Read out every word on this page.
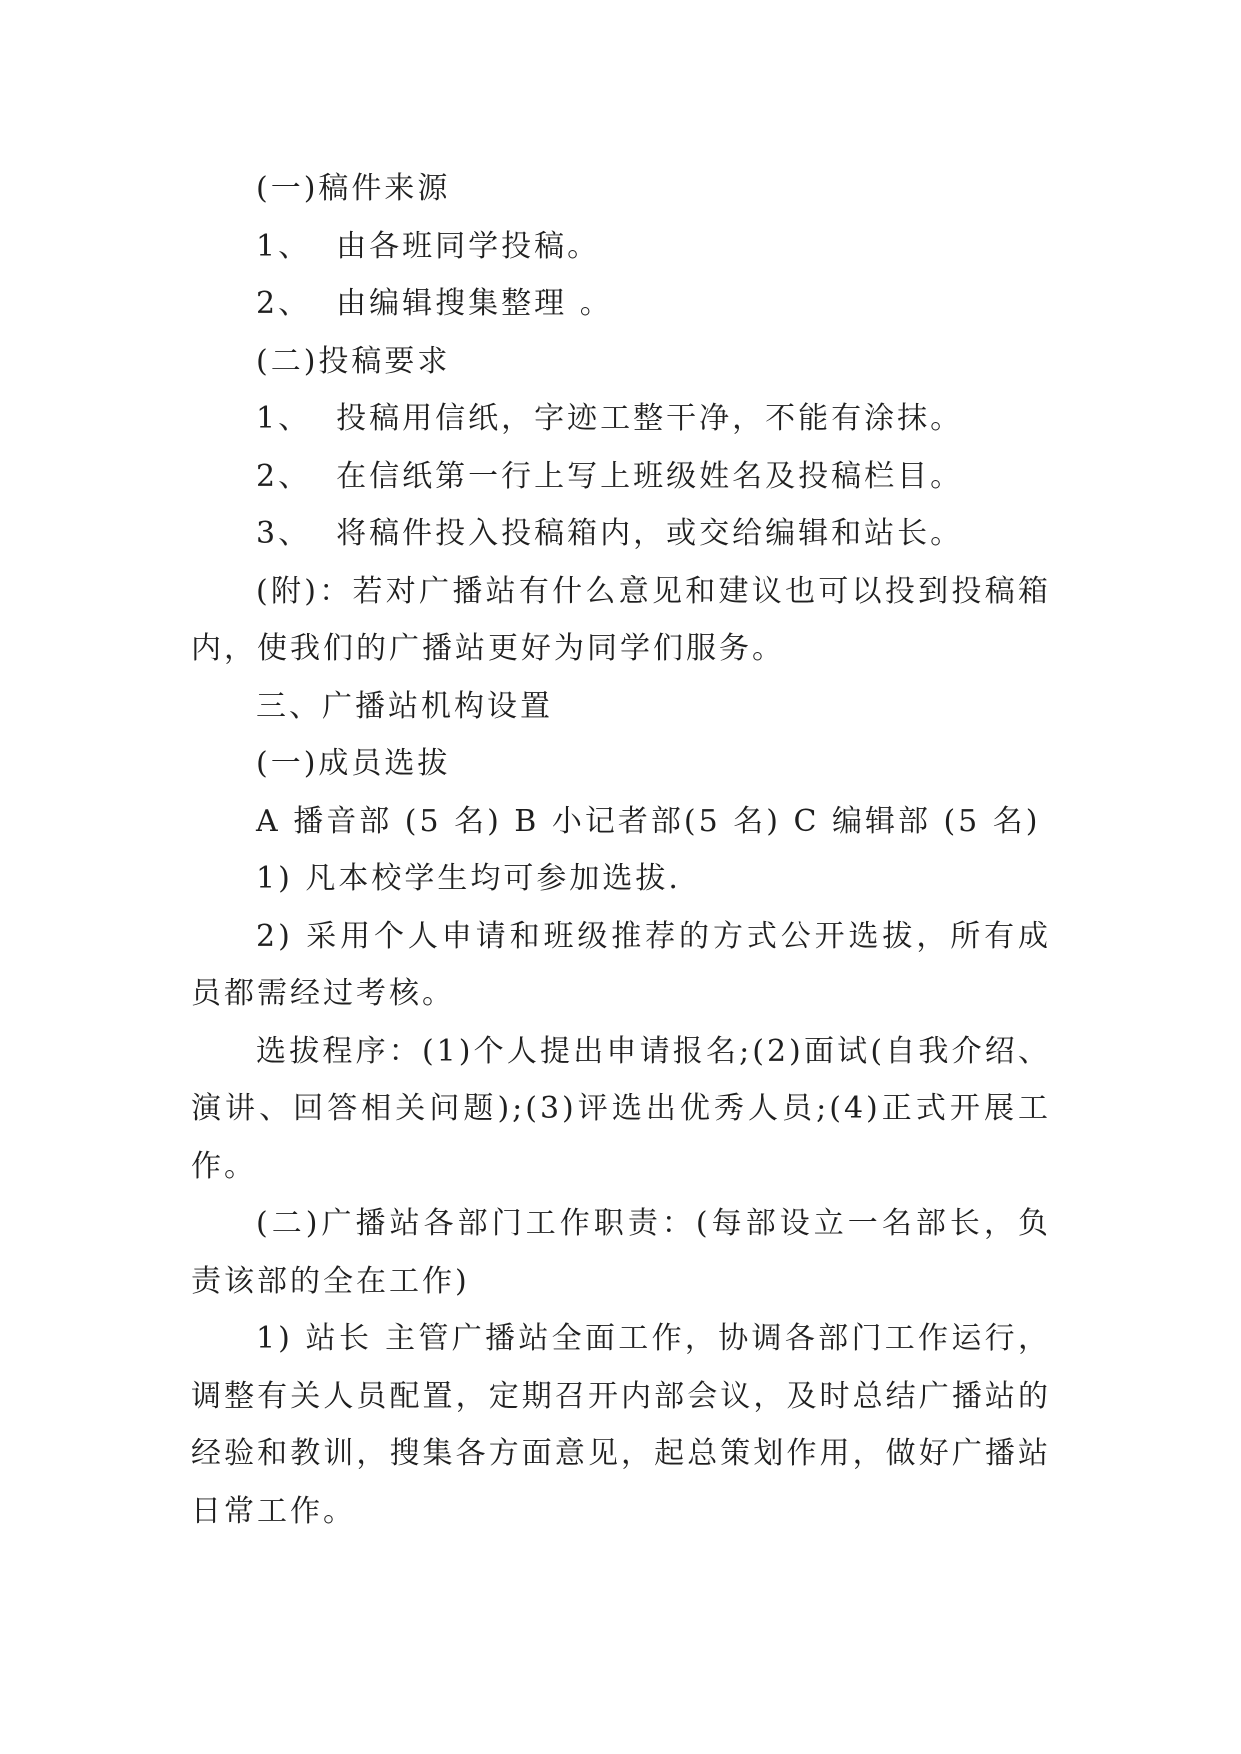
(一)稿件来源

1、  由各班同学投稿。

2、  由编辑搜集整理 。

(二)投稿要求

1、  投稿用信纸，字迹工整干净，不能有涂抹。

2、  在信纸第一行上写上班级姓名及投稿栏目。

3、  将稿件投入投稿箱内，或交给编辑和站长。

(附)：若对广播站有什么意见和建议也可以投到投稿箱内，使我们的广播站更好为同学们服务。

三、广播站机构设置

(一)成员选拔

A 播音部 (5 名) B 小记者部(5 名) C 编辑部 (5 名)

1) 凡本校学生均可参加选拔.

2) 采用个人申请和班级推荐的方式公开选拔，所有成员都需经过考核。

选拔程序：(1)个人提出申请报名;(2)面试(自我介绍、演讲、回答相关问题);(3)评选出优秀人员;(4)正式开展工作。

(二)广播站各部门工作职责：(每部设立一名部长，负责该部的全在工作)

1) 站长 主管广播站全面工作，协调各部门工作运行，调整有关人员配置，定期召开内部会议，及时总结广播站的经验和教训，搜集各方面意见，起总策划作用，做好广播站日常工作。
